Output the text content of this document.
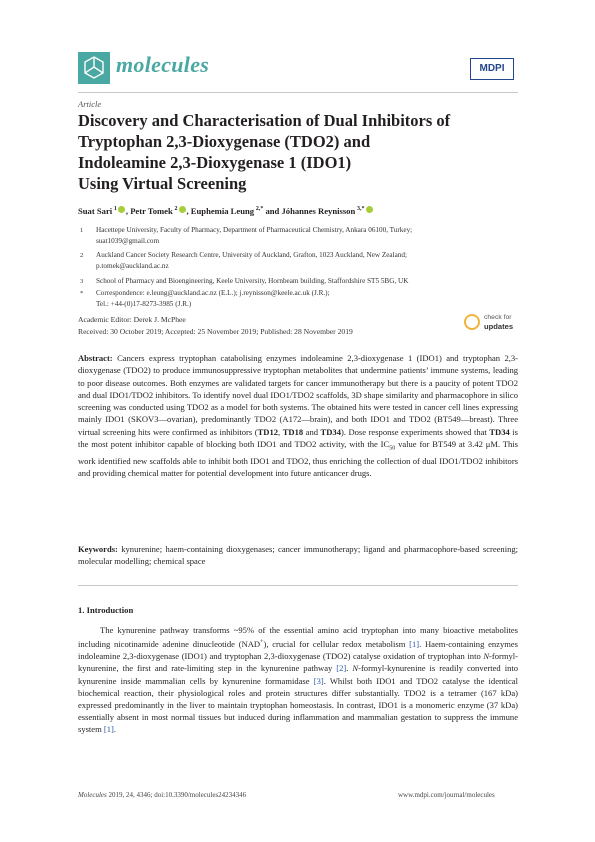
molecules	MDPI
Article
Discovery and Characterisation of Dual Inhibitors of
Tryptophan 2,3-Dioxygenase (TDO2) and
Indoleamine 2,3-Dioxygenase 1 (IDO1)
Using Virtual Screening
Suat Sari  $^1$ , Petr Tomek  $^2$ , Euphemia Leung  $^{2,*}$ and Jóhannes Reynisson  $^{3,*}$
1 Hacettepe University, Faculty of Pharmacy, Department of Pharmaceutical Chemistry, Ankara 06100, Turkey;
suat1039@gmail.com
2 Auckland Cancer Society Research Centre, University of Auckland, Grafton, 1023 Auckland, New Zealand;
p.tomek@auckland.ac.nz
3 School of Pharmacy and Bioengineering, Keele University, Hornbeam building, Staffordshire ST5 5BG, UK
* Correspondence: e.leung@auckland.ac.nz (E.L.); j.reynisson@keele.ac.uk (J.R.);
Tel.: +44-(0)17-8273-3985 (J.R.)
Academic Editor: Derek J. McPhee
Received: 30 October 2019; Accepted: 25 November 2019; Published: 28 November 2019
check for
updates
Abstract: Cancers express tryptophan catabolising enzymes indoleamine 2,3-dioxygenase 1 (IDO1) and tryptophan 2,3-dioxygenase (TDO2) to produce immunosuppressive tryptophan metabolites that undermine patients’ immune systems, leading to poor disease outcomes. Both enzymes are validated targets for cancer immunotherapy but there is a paucity of potent TDO2 and dual IDO1/TDO2 inhibitors. To identify novel dual IDO1/TDO2 scaffolds, 3D shape similarity and pharmacophore in silico screening was conducted using TDO2 as a model for both systems. The obtained hits were tested in cancer cell lines expressing mainly IDO1 (SKOV3—ovarian), predominantly TDO2 (A172—brain), and both IDO1 and TDO2 (BT549—breast). Three virtual screening hits were confirmed as inhibitors (TD12, TD18 and TD34). Dose response experiments showed that TD34 is the most potent inhibitor capable of blocking both IDO1 and TDO2 activity, with the $IC_{50}$ value for BT549 at 3.42 μM. This work identified new scaffolds able to inhibit both IDO1 and TDO2, thus enriching the collection of dual IDO1/TDO2 inhibitors and providing chemical matter for potential development into future anticancer drugs.
Keywords: kynurenine; haem-containing dioxygenases; cancer immunotherapy; ligand and pharmacophore-based screening; molecular modelling; chemical space
1. Introduction
The kynurenine pathway transforms ~95% of the essential amino acid tryptophan into many bioactive metabolites including nicotinamide adenine dinucleotide (NAD+), crucial for cellular redox metabolism [1]. Haem-containing enzymes indoleamine 2,3-dioxygenase (IDO1) and tryptophan 2,3-dioxygenase (TDO2) catalyse oxidation of tryptophan into N-formyl-kynurenine, the first and rate-limiting step in the kynurenine pathway [2]. N-formyl-kynurenine is readily converted into kynurenine inside mammalian cells by kynurenine formamidase [3]. Whilst both IDO1 and TDO2 catalyse the identical biochemical reaction, their physiological roles and protein structures differ substantially. TDO2 is a tetramer (167 kDa) expressed predominantly in the liver to maintain tryptophan homeostasis. In contrast, IDO1 is a monomeric enzyme (37 kDa) essentially absent in most normal tissues but induced during inflammation and mammalian gestation to suppress the immune system [1].
Molecules 2019, 24, 4346; doi:10.3390/molecules24234346	www.mdpi.com/journal/molecules
